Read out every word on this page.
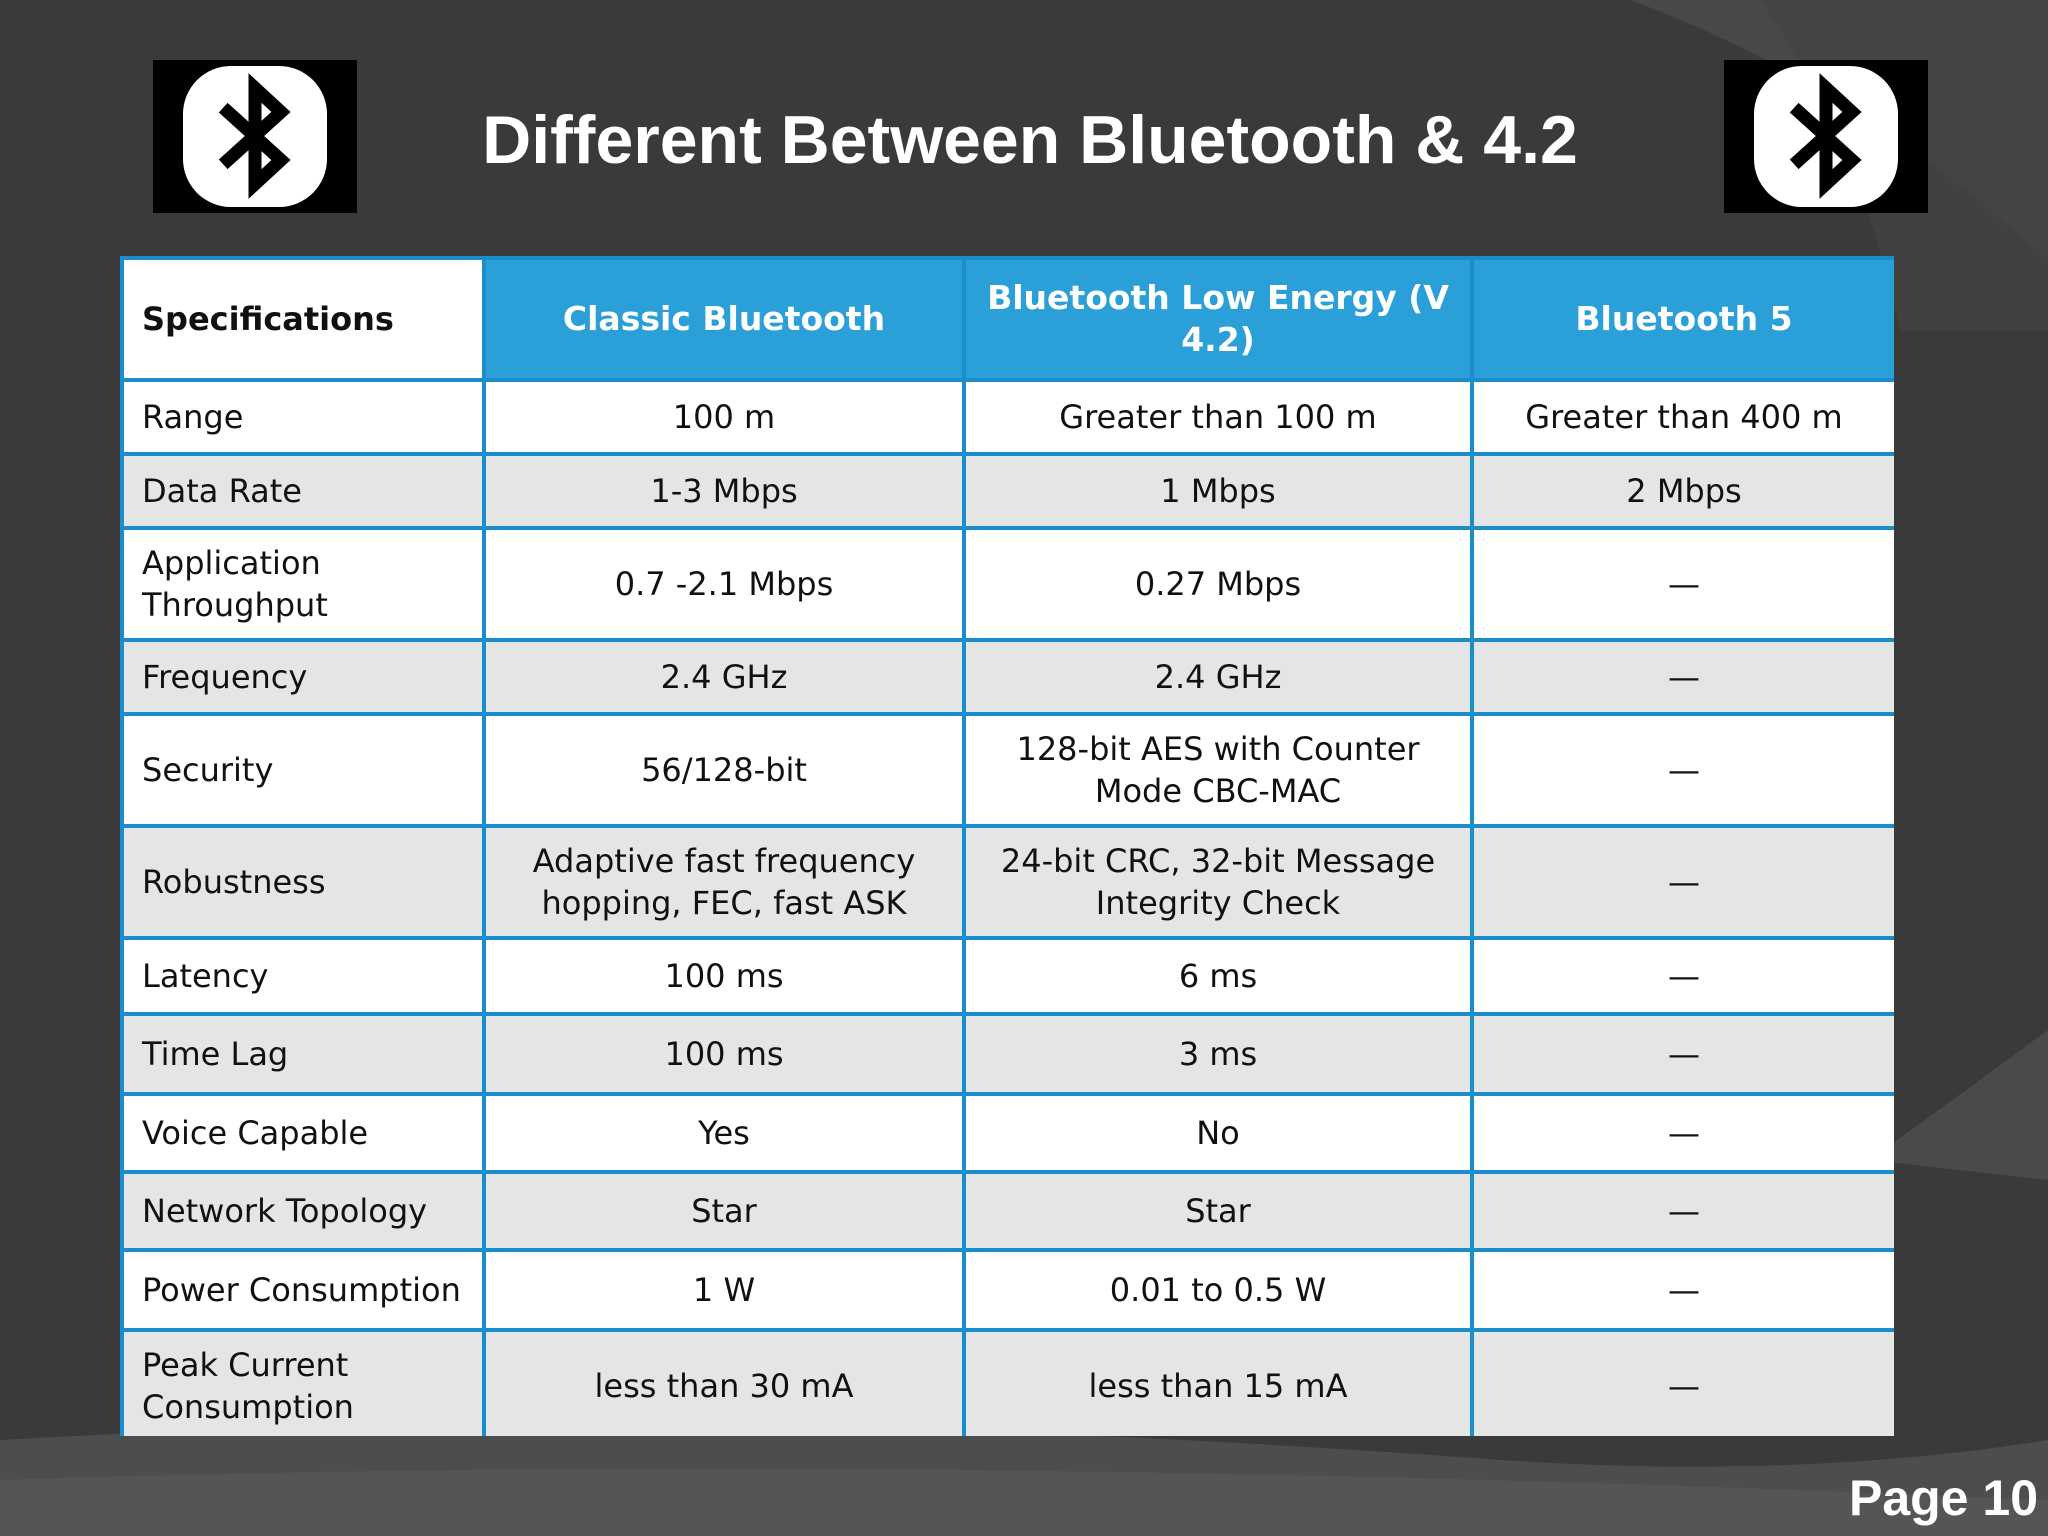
Different Between Bluetooth & 4.2
Specifications	Classic Bluetooth	Bluetooth Low Energy (V 4.2)	Bluetooth 5
Range	100 m	Greater than 100 m	Greater than 400 m
Data Rate	1-3 Mbps	1 Mbps	2 Mbps
Application Throughput	0.7 -2.1 Mbps	0.27 Mbps	—
Frequency	2.4 GHz	2.4 GHz	—
Security	56/128-bit	128-bit AES with Counter Mode CBC-MAC	—
Robustness	Adaptive fast frequency hopping, FEC, fast ASK	24-bit CRC, 32-bit Message Integrity Check	—
Latency	100 ms	6 ms	—
Time Lag	100 ms	3 ms	—
Voice Capable	Yes	No	—
Network Topology	Star	Star	—
Power Consumption	1 W	0.01 to 0.5 W	—
Peak Current Consumption	less than 30 mA	less than 15 mA	—
Page 10
